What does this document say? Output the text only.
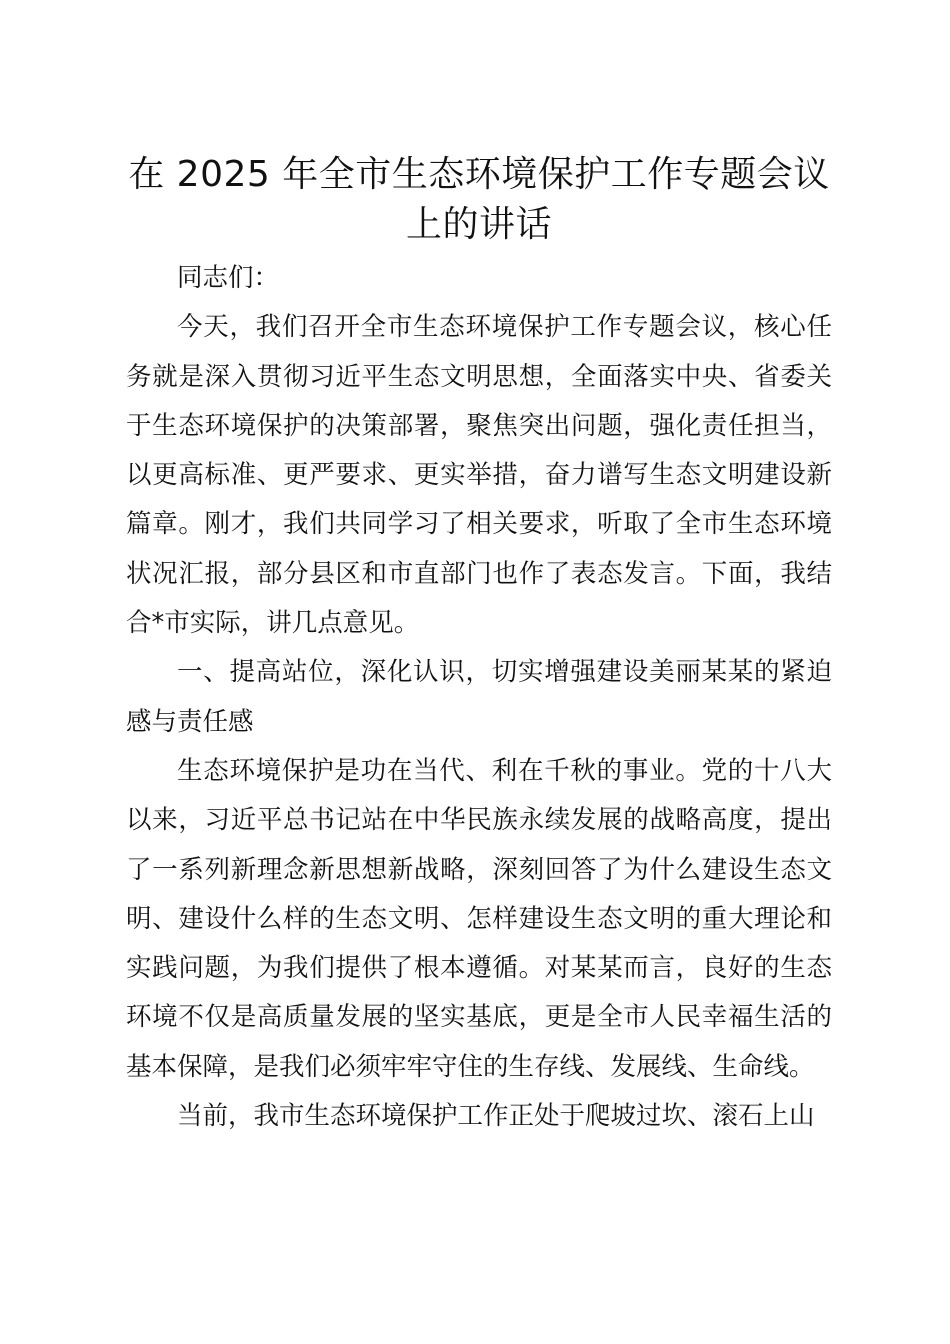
在 2025 年全市生态环境保护工作专题会议上的讲话

同志们：

今天，我们召开全市生态环境保护工作专题会议，核心任务就是深入贯彻习近平生态文明思想，全面落实中央、省委关于生态环境保护的决策部署，聚焦突出问题，强化责任担当，以更高标准、更严要求、更实举措，奋力谱写生态文明建设新篇章。刚才，我们共同学习了相关要求，听取了全市生态环境状况汇报，部分县区和市直部门也作了表态发言。下面，我结合*市实际，讲几点意见。

一、提高站位，深化认识，切实增强建设美丽某某的紧迫感与责任感

生态环境保护是功在当代、利在千秋的事业。党的十八大以来，习近平总书记站在中华民族永续发展的战略高度，提出了一系列新理念新思想新战略，深刻回答了为什么建设生态文明、建设什么样的生态文明、怎样建设生态文明的重大理论和实践问题，为我们提供了根本遵循。对某某而言，良好的生态环境不仅是高质量发展的坚实基底，更是全市人民幸福生活的基本保障，是我们必须牢牢守住的生存线、发展线、生命线。

当前，我市生态环境保护工作正处于爬坡过坎、滚石上山
